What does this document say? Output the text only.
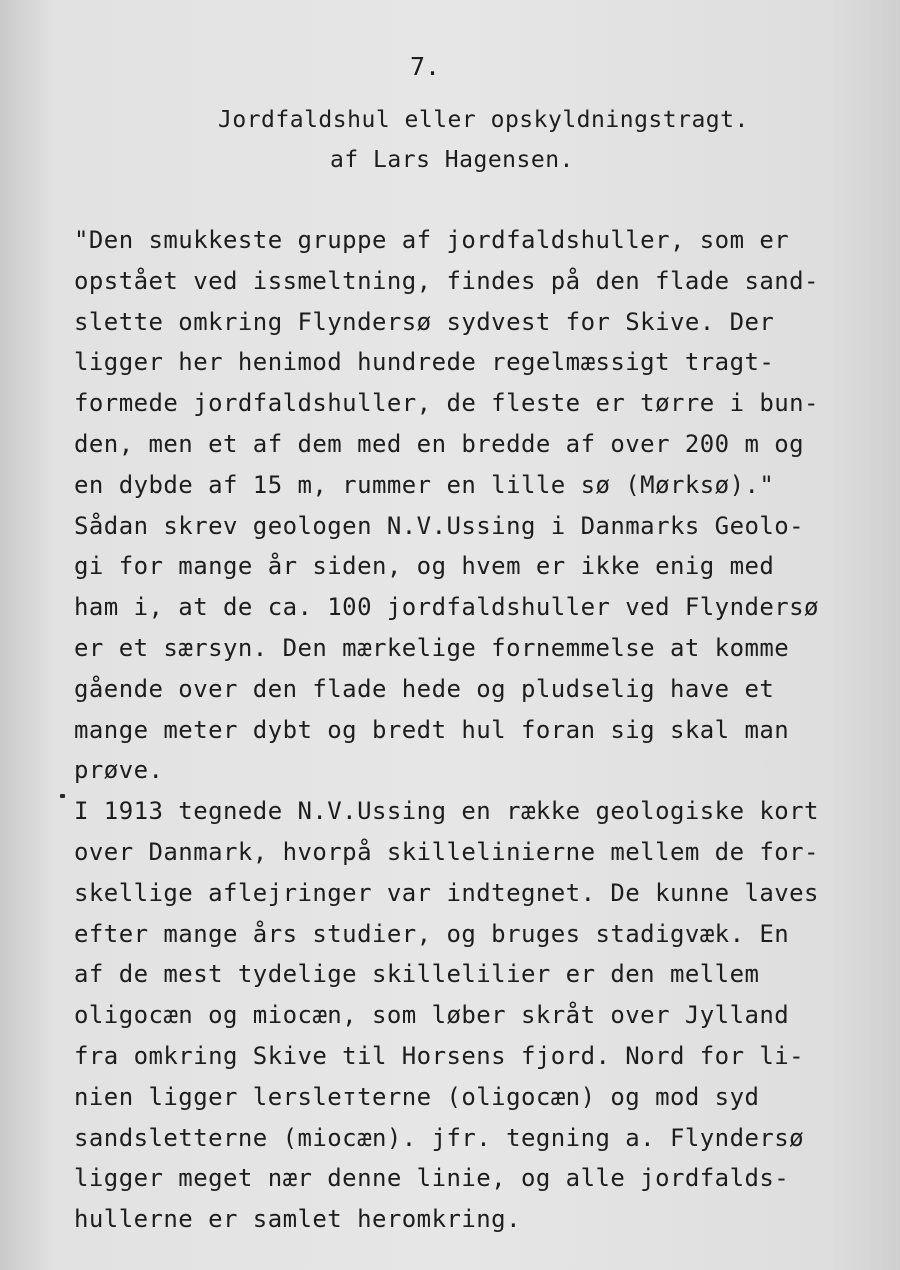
7.
Jordfaldshul eller opskyldningstragt.
af Lars Hagensen.
"Den smukkeste gruppe af jordfaldshuller, som er
opstået ved issmeltning, findes på den flade sand-
slette omkring Flyndersø sydvest for Skive. Der
ligger her henimod hundrede regelmæssigt tragt-
formede jordfaldshuller, de fleste er tørre i bun-
den, men et af dem med en bredde af over 200 m og
en dybde af 15 m, rummer en lille sø (Mørksø)."
Sådan skrev geologen N.V.Ussing i Danmarks Geolo-
gi for mange år siden, og hvem er ikke enig med
ham i, at de ca. 100 jordfaldshuller ved Flyndersø
er et særsyn. Den mærkelige fornemmelse at komme
gående over den flade hede og pludselig have et
mange meter dybt og bredt hul foran sig skal man
prøve.
I 1913 tegnede N.V.Ussing en række geologiske kort
over Danmark, hvorpå skillelinierne mellem de for-
skellige aflejringer var indtegnet. De kunne laves
efter mange års studier, og bruges stadigvæk. En
af de mest tydelige skillelilier er den mellem
oligocæn og miocæn, som løber skråt over Jylland
fra omkring Skive til Horsens fjord. Nord for li-
nien ligger lerslетterne (oligocæn) og mod syd
sandsletterne (miocæn). jfr. tegning a. Flyndersø
ligger meget nær denne linie, og alle jordfalds-
hullerne er samlet heromkring.
